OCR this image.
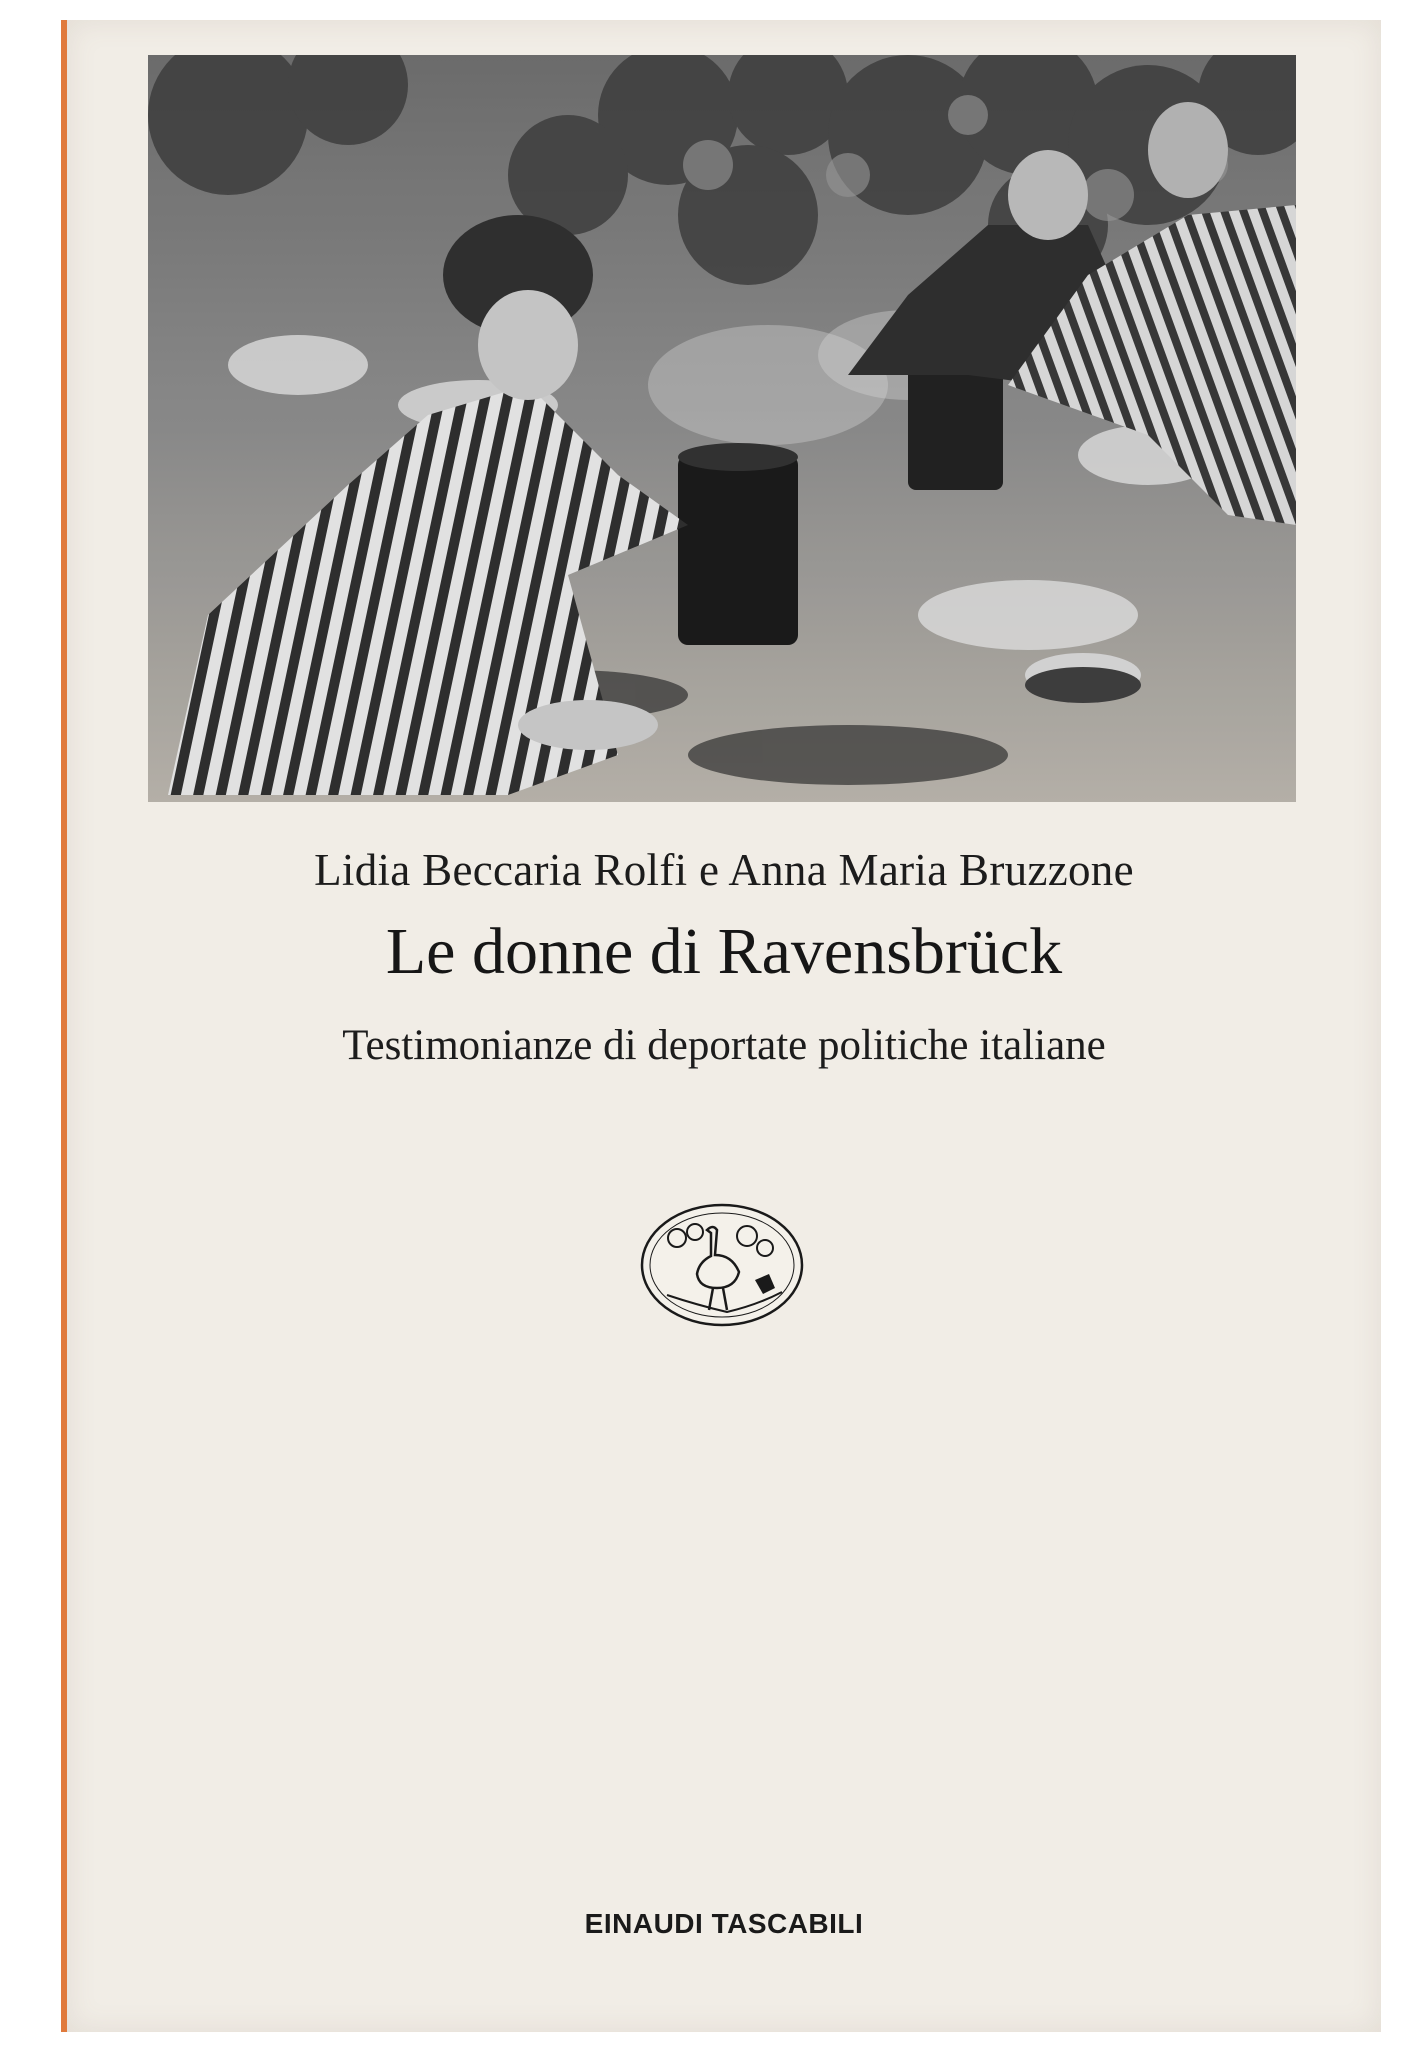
Lidia Beccaria Rolfi e Anna Maria Bruzzone
Le donne di Ravensbrück
Testimonianze di deportate politiche italiane
EINAUDI TASCABILI
